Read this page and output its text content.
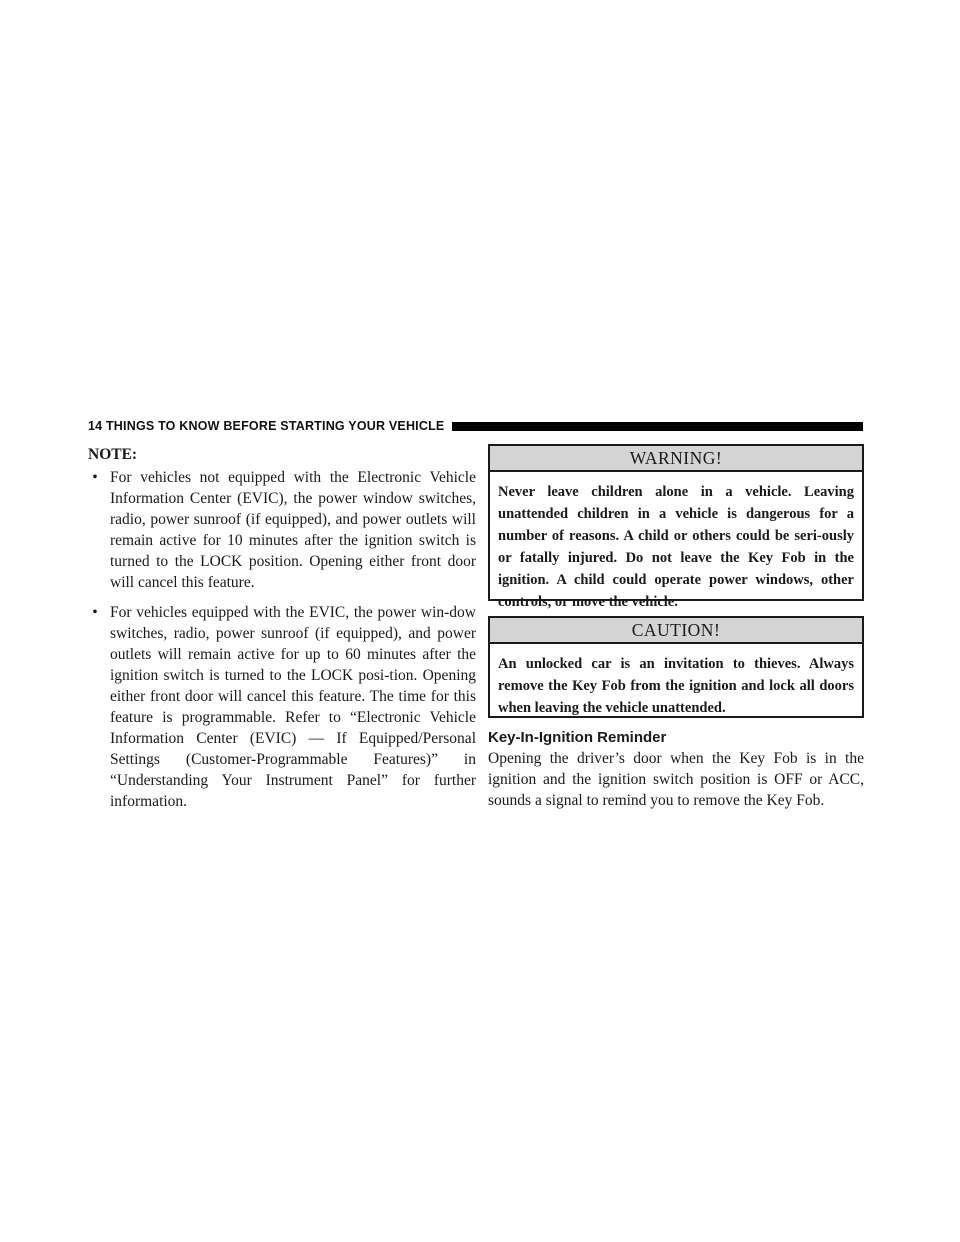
14 THINGS TO KNOW BEFORE STARTING YOUR VEHICLE
NOTE:
• For vehicles not equipped with the Electronic Vehicle Information Center (EVIC), the power window switches, radio, power sunroof (if equipped), and power outlets will remain active for 10 minutes after the ignition switch is turned to the LOCK position. Opening either front door will cancel this feature.
• For vehicles equipped with the EVIC, the power win-dow switches, radio, power sunroof (if equipped), and power outlets will remain active for up to 60 minutes after the ignition switch is turned to the LOCK posi-tion. Opening either front door will cancel this feature. The time for this feature is programmable. Refer to “Electronic Vehicle Information Center (EVIC) — If Equipped/Personal Settings (Customer-Programmable Features)” in “Understanding Your Instrument Panel” for further information.
WARNING!
Never leave children alone in a vehicle. Leaving unattended children in a vehicle is dangerous for a number of reasons. A child or others could be seri-ously or fatally injured. Do not leave the Key Fob in the ignition. A child could operate power windows, other controls, or move the vehicle.
CAUTION!
An unlocked car is an invitation to thieves. Always remove the Key Fob from the ignition and lock all doors when leaving the vehicle unattended.
Key-In-Ignition Reminder
Opening the driver’s door when the Key Fob is in the ignition and the ignition switch position is OFF or ACC, sounds a signal to remind you to remove the Key Fob.
